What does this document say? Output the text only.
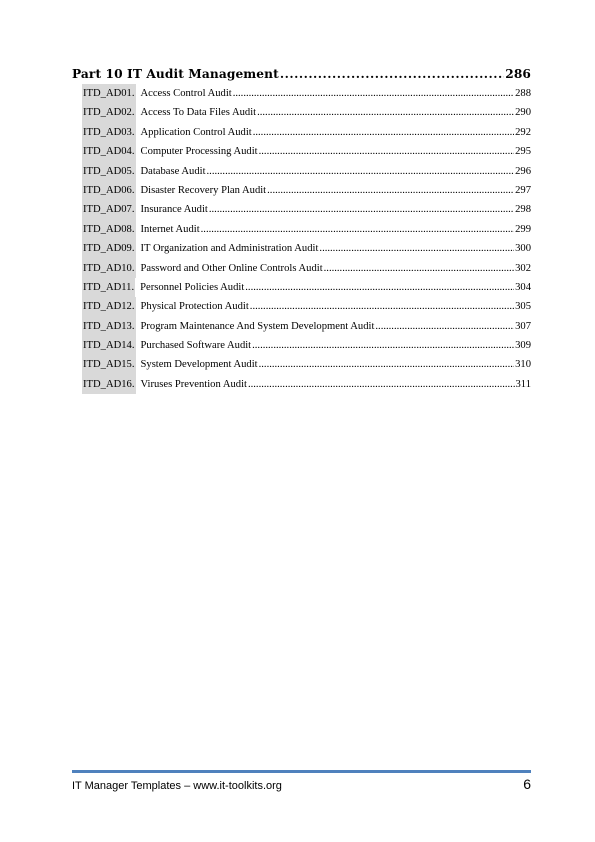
Part 10 IT Audit Management .....	286
ITD_AD01. Access Control Audit .....	288
ITD_AD02. Access To Data Files Audit .....	290
ITD_AD03. Application Control Audit .....	292
ITD_AD04. Computer Processing Audit .....	295
ITD_AD05. Database Audit .....	296
ITD_AD06. Disaster Recovery Plan Audit .....	297
ITD_AD07. Insurance Audit .....	298
ITD_AD08. Internet Audit .....	299
ITD_AD09. IT Organization and Administration Audit .....	300
ITD_AD10. Password and Other Online Controls Audit .....	302
ITD_AD11. Personnel Policies Audit .....	304
ITD_AD12. Physical Protection Audit .....	305
ITD_AD13. Program Maintenance And System Development Audit .....	307
ITD_AD14. Purchased Software Audit .....	309
ITD_AD15. System Development Audit .....	310
ITD_AD16. Viruses Prevention Audit .....	311
IT Manager Templates – www.it-toolkits.org	6
